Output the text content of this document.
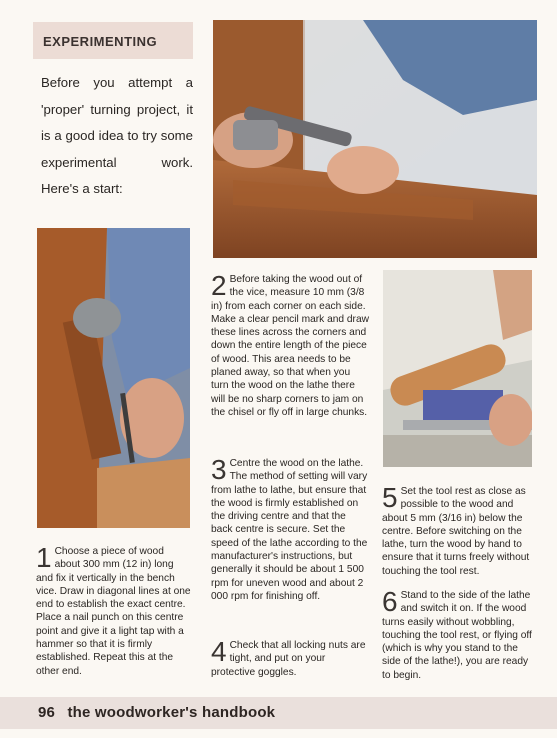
EXPERIMENTING
Before you attempt a 'proper' turning project, it is a good idea to try some experimental work. Here's a start:
1 Choose a piece of wood about 300 mm (12 in) long and fix it vertically in the bench vice. Draw in diagonal lines at one end to establish the exact centre. Place a nail punch on this centre point and give it a light tap with a hammer so that it is firmly established. Repeat this at the other end.
2 Before taking the wood out of the vice, measure 10 mm (3/8 in) from each corner on each side. Make a clear pencil mark and draw these lines across the corners and down the entire length of the piece of wood. This area needs to be planed away, so that when you turn the wood on the lathe there will be no sharp corners to jam on the chisel or fly off in large chunks.
3 Centre the wood on the lathe. The method of setting will vary from lathe to lathe, but ensure that the wood is firmly established on the driving centre and that the back centre is secure. Set the speed of the lathe according to the manufacturer's instructions, but generally it should be about 1 500 rpm for uneven wood and about 2 000 rpm for finishing off.
4 Check that all locking nuts are tight, and put on your protective goggles.
5 Set the tool rest as close as possible to the wood and about 5 mm (3/16 in) below the centre. Before switching on the lathe, turn the wood by hand to ensure that it turns freely without touching the tool rest.
6 Stand to the side of the lathe and switch it on. If the wood turns easily without wobbling, touching the tool rest, or flying off (which is why you stand to the side of the lathe!), you are ready to begin.
96 the woodworker's handbook
